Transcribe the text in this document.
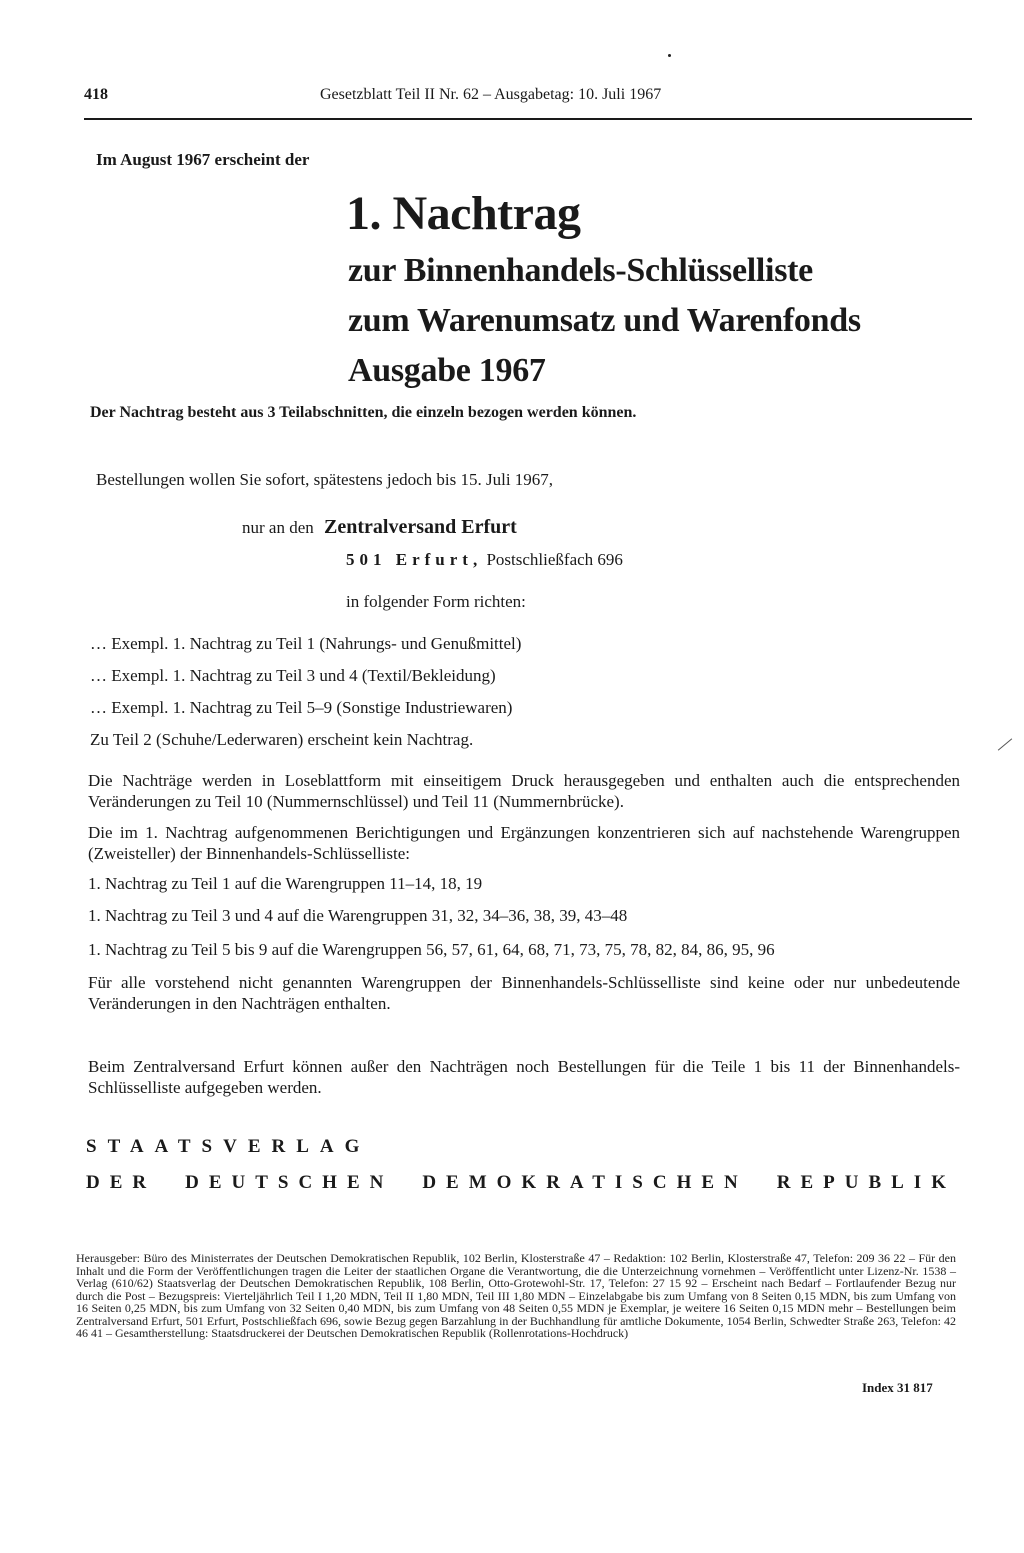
418	Gesetzblatt Teil II Nr. 62 – Ausgabetag: 10. Juli 1967
Im August 1967 erscheint der
1. Nachtrag
zur Binnenhandels-Schlüsselliste
zum Warenumsatz und Warenfonds
Ausgabe 1967
Der Nachtrag besteht aus 3 Teilabschnitten, die einzeln bezogen werden können.
Bestellungen wollen Sie sofort, spätestens jedoch bis 15. Juli 1967,
nur an den Zentralversand Erfurt
501 Erfurt, Postschließfach 696
in folgender Form richten:
… Exempl. 1. Nachtrag zu Teil 1 (Nahrungs- und Genußmittel)
… Exempl. 1. Nachtrag zu Teil 3 und 4 (Textil/Bekleidung)
… Exempl. 1. Nachtrag zu Teil 5–9 (Sonstige Industriewaren)
Zu Teil 2 (Schuhe/Lederwaren) erscheint kein Nachtrag.
Die Nachträge werden in Loseblattform mit einseitigem Druck herausgegeben und enthalten auch die entsprechenden Veränderungen zu Teil 10 (Nummernschlüssel) und Teil 11 (Nummernbrücke).
Die im 1. Nachtrag aufgenommenen Berichtigungen und Ergänzungen konzentrieren sich auf nachstehende Warengruppen (Zweisteller) der Binnenhandels-Schlüsselliste:
1. Nachtrag zu Teil 1 auf die Warengruppen 11–14, 18, 19
1. Nachtrag zu Teil 3 und 4 auf die Warengruppen 31, 32, 34–36, 38, 39, 43–48
1. Nachtrag zu Teil 5 bis 9 auf die Warengruppen 56, 57, 61, 64, 68, 71, 73, 75, 78, 82, 84, 86, 95, 96
Für alle vorstehend nicht genannten Warengruppen der Binnenhandels-Schlüsselliste sind keine oder nur unbedeutende Veränderungen in den Nachträgen enthalten.
Beim Zentralversand Erfurt können außer den Nachträgen noch Bestellungen für die Teile 1 bis 11 der Binnenhandels-Schlüsselliste aufgegeben werden.
STAATSVERLAG
DER DEUTSCHEN DEMOKRATISCHEN REPUBLIK
Herausgeber: Büro des Ministerrates der Deutschen Demokratischen Republik, 102 Berlin, Klosterstraße 47 – Redaktion: 102 Berlin, Klosterstraße 47, Telefon: 209 36 22 – Für den Inhalt und die Form der Veröffentlichungen tragen die Leiter der staatlichen Organe die Verantwortung, die die Unterzeichnung vornehmen – Veröffentlicht unter Lizenz-Nr. 1538 – Verlag (610/62) Staatsverlag der Deutschen Demokratischen Republik, 108 Berlin, Otto-Grotewohl-Str. 17, Telefon: 27 15 92 – Erscheint nach Bedarf – Fortlaufender Bezug nur durch die Post – Bezugspreis: Vierteljährlich Teil I 1,20 MDN, Teil II 1,80 MDN, Teil III 1,80 MDN – Einzelabgabe bis zum Umfang von 8 Seiten 0,15 MDN, bis zum Umfang von 16 Seiten 0,25 MDN, bis zum Umfang von 32 Seiten 0,40 MDN, bis zum Umfang von 48 Seiten 0,55 MDN je Exemplar, je weitere 16 Seiten 0,15 MDN mehr – Bestellungen beim Zentralversand Erfurt, 501 Erfurt, Postschließfach 696, sowie Bezug gegen Barzahlung in der Buchhandlung für amtliche Dokumente, 1054 Berlin, Schwedter Straße 263, Telefon: 42 46 41 – Gesamtherstellung: Staatsdruckerei der Deutschen Demokratischen Republik (Rollenrotations-Hochdruck)
Index 31 817
